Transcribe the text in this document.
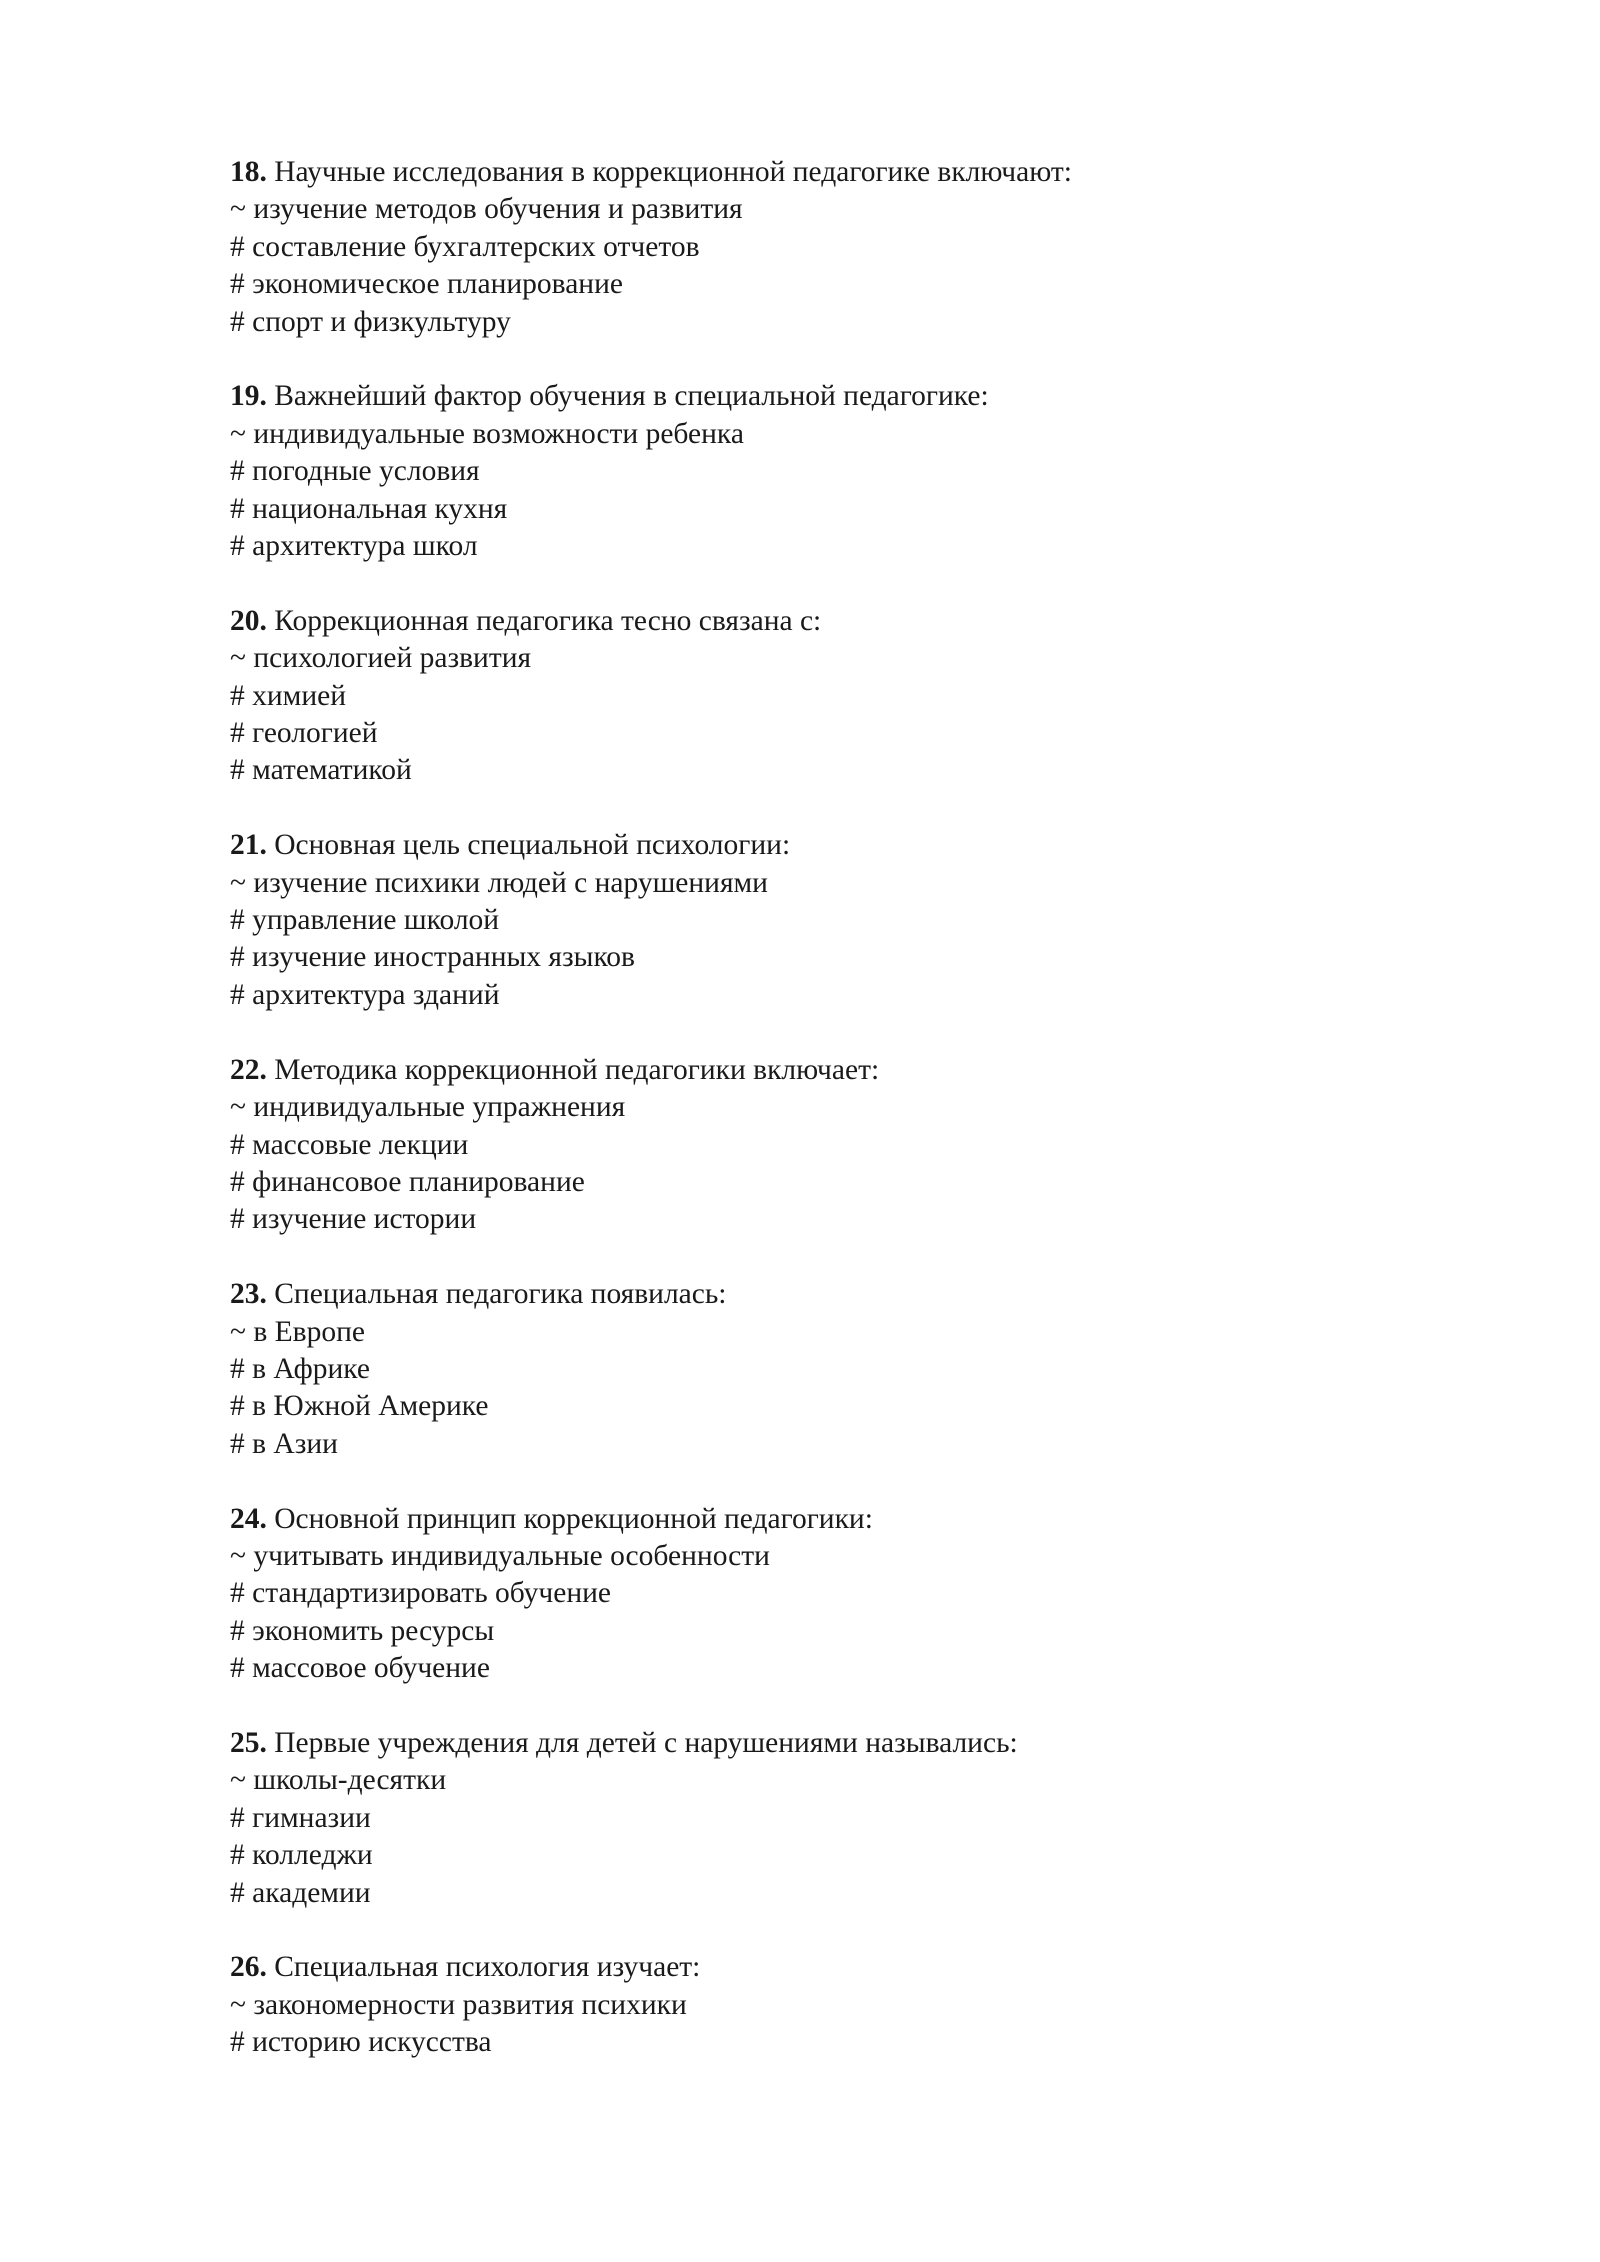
18. Научные исследования в коррекционной педагогике включают:
~ изучение методов обучения и развития
# составление бухгалтерских отчетов
# экономическое планирование
# спорт и физкультуру
19. Важнейший фактор обучения в специальной педагогике:
~ индивидуальные возможности ребенка
# погодные условия
# национальная кухня
# архитектура школ
20. Коррекционная педагогика тесно связана с:
~ психологией развития
# химией
# геологией
# математикой
21. Основная цель специальной психологии:
~ изучение психики людей с нарушениями
# управление школой
# изучение иностранных языков
# архитектура зданий
22. Методика коррекционной педагогики включает:
~ индивидуальные упражнения
# массовые лекции
# финансовое планирование
# изучение истории
23. Специальная педагогика появилась:
~ в Европе
# в Африке
# в Южной Америке
# в Азии
24. Основной принцип коррекционной педагогики:
~ учитывать индивидуальные особенности
# стандартизировать обучение
# экономить ресурсы
# массовое обучение
25. Первые учреждения для детей с нарушениями назывались:
~ школы-десятки
# гимназии
# колледжи
# академии
26. Специальная психология изучает:
~ закономерности развития психики
# историю искусства
